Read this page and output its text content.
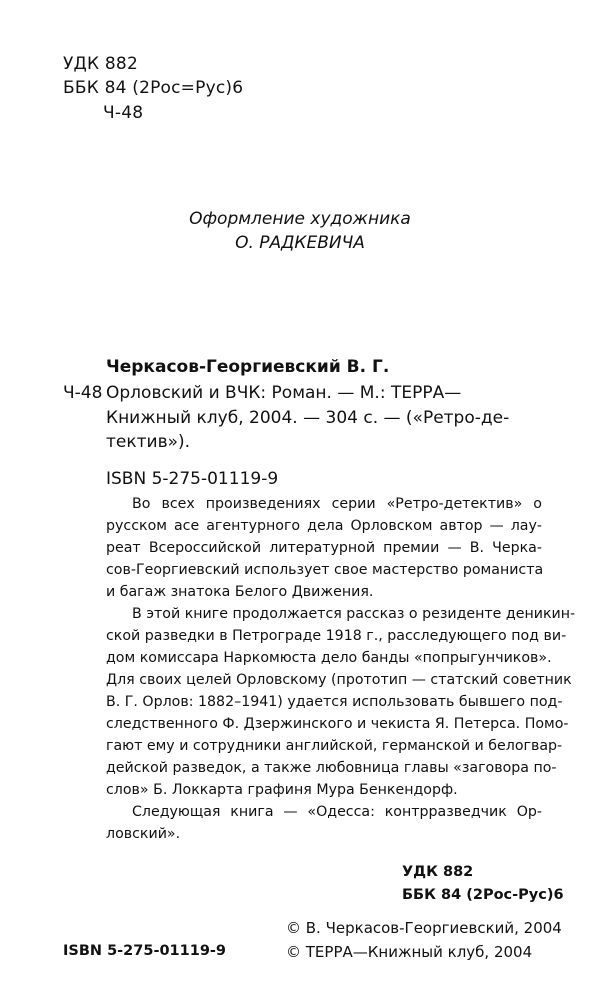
УДК 882

ББК 84 (2Рос=Рус)6

Ч-48

Оформление художника

О. РАДКЕВИЧА

Черкасов-Георгиевский В. Г.

Ч-48 Орловский и ВЧК: Роман. — М.: ТЕРРА—

Книжный клуб, 2004. — 304 с. — («Ретро-де-

тектив»).

ISBN 5-275-01119-9

Во всех произведениях серии «Ретро-детектив» о

русском асе агентурного дела Орловском автор — лау-

реат Всероссийской литературной премии — В. Черка-

сов-Георгиевский использует свое мастерство романиста

и багаж знатока Белого Движения.

В этой книге продолжается рассказ о резиденте деникин-

ской разведки в Петрограде 1918 г., расследующего под ви-

дом комиссара Наркомюста дело банды «попрыгунчиков».

Для своих целей Орловскому (прототип — статский советник

В. Г. Орлов: 1882–1941) удается использовать бывшего под-

следственного Ф. Дзержинского и чекиста Я. Петерса. Помо-

гают ему и сотрудники английской, германской и белогвар-

дейской разведок, а также любовница главы «заговора по-

слов» Б. Локкарта графиня Мура Бенкендорф.

Следующая книга — «Одесса: контрразведчик Ор-

ловский».

УДК 882

ББК 84 (2Рос-Рус)6

ISBN 5-275-01119-9

© В. Черкасов-Георгиевский, 2004

© ТЕРРА—Книжный клуб, 2004
